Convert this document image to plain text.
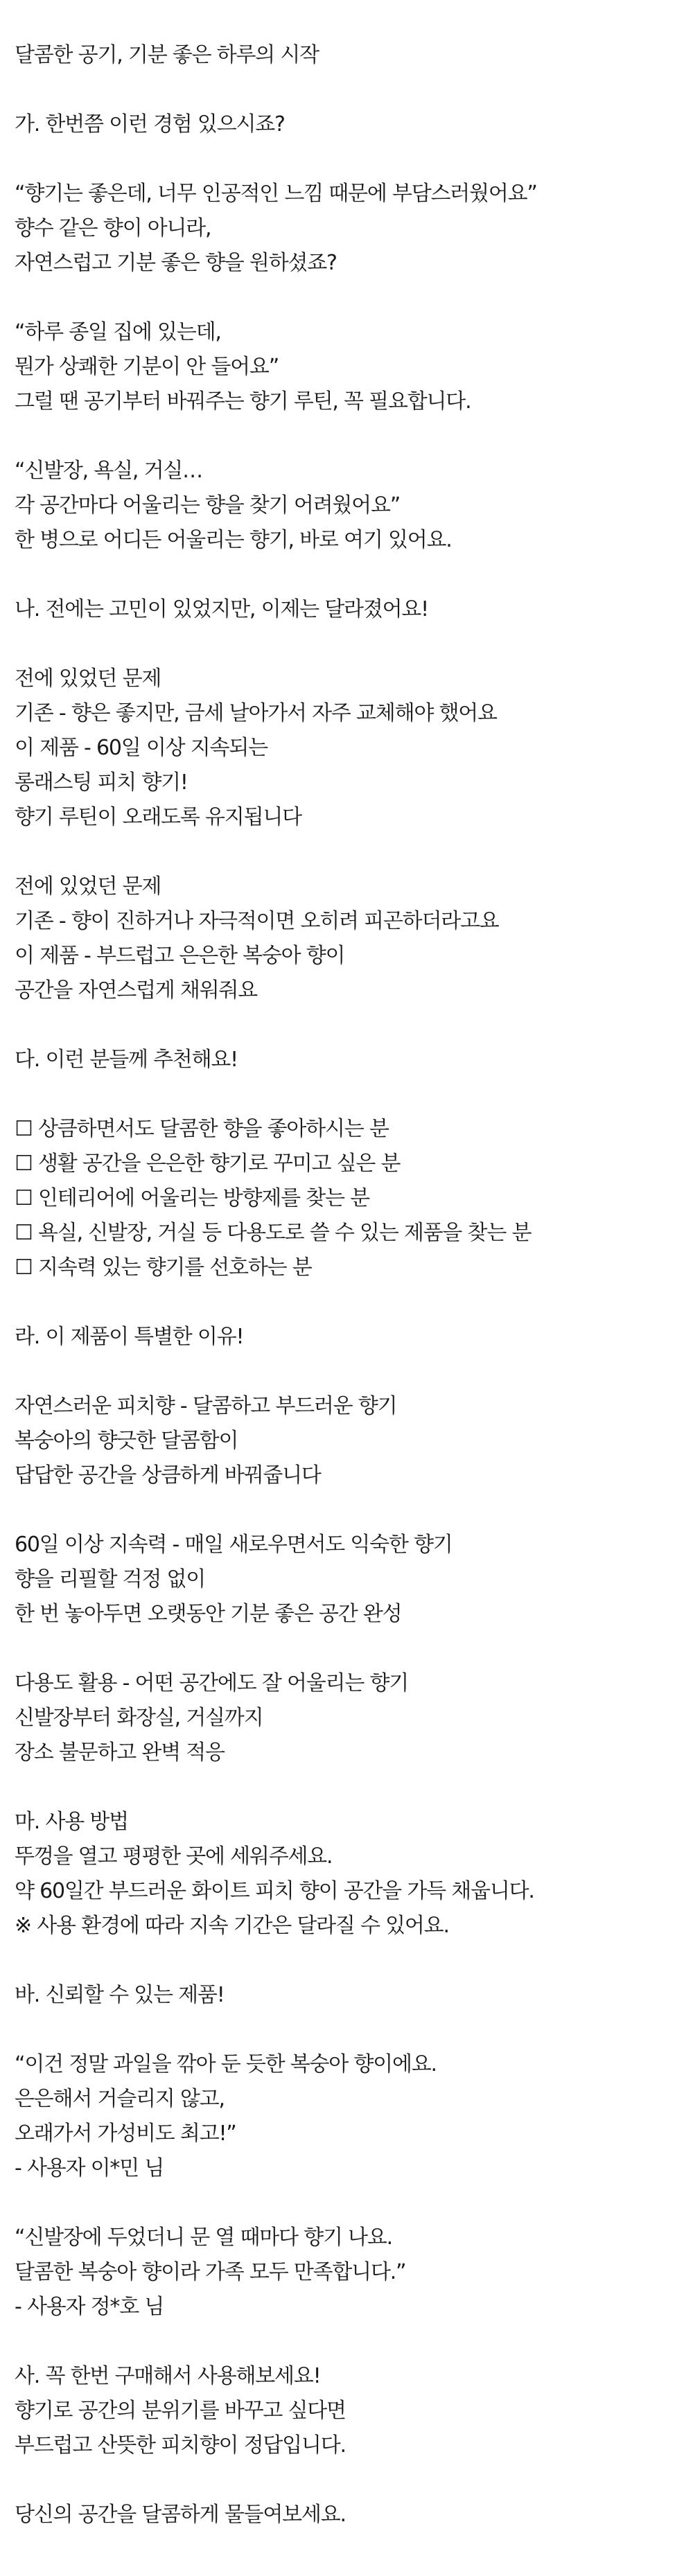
달콤한 공기, 기분 좋은 하루의 시작
가. 한번쯤 이런 경험 있으시죠?
“향기는 좋은데, 너무 인공적인 느낌 때문에 부담스러웠어요”
향수 같은 향이 아니라,
자연스럽고 기분 좋은 향을 원하셨죠?
“하루 종일 집에 있는데,
뭔가 상쾌한 기분이 안 들어요”
그럴 땐 공기부터 바꿔주는 향기 루틴, 꼭 필요합니다.
“신발장, 욕실, 거실…
각 공간마다 어울리는 향을 찾기 어려웠어요”
한 병으로 어디든 어울리는 향기, 바로 여기 있어요.
나. 전에는 고민이 있었지만, 이제는 달라졌어요!
전에 있었던 문제
기존 - 향은 좋지만, 금세 날아가서 자주 교체해야 했어요
이 제품 - 60일 이상 지속되는
롱래스팅 피치 향기!
향기 루틴이 오래도록 유지됩니다
전에 있었던 문제
기존 - 향이 진하거나 자극적이면 오히려 피곤하더라고요
이 제품 - 부드럽고 은은한 복숭아 향이
공간을 자연스럽게 채워줘요
다. 이런 분들께 추천해요!
☐ 상큼하면서도 달콤한 향을 좋아하시는 분
☐ 생활 공간을 은은한 향기로 꾸미고 싶은 분
☐ 인테리어에 어울리는 방향제를 찾는 분
☐ 욕실, 신발장, 거실 등 다용도로 쓸 수 있는 제품을 찾는 분
☐ 지속력 있는 향기를 선호하는 분
라. 이 제품이 특별한 이유!
자연스러운 피치향 - 달콤하고 부드러운 향기
복숭아의 향긋한 달콤함이
답답한 공간을 상큼하게 바꿔줍니다
60일 이상 지속력 - 매일 새로우면서도 익숙한 향기
향을 리필할 걱정 없이
한 번 놓아두면 오랫동안 기분 좋은 공간 완성
다용도 활용 - 어떤 공간에도 잘 어울리는 향기
신발장부터 화장실, 거실까지
장소 불문하고 완벽 적응
마. 사용 방법
뚜껑을 열고 평평한 곳에 세워주세요.
약 60일간 부드러운 화이트 피치 향이 공간을 가득 채웁니다.
※ 사용 환경에 따라 지속 기간은 달라질 수 있어요.
바. 신뢰할 수 있는 제품!
“이건 정말 과일을 깎아 둔 듯한 복숭아 향이에요.
은은해서 거슬리지 않고,
오래가서 가성비도 최고!”
- 사용자 이*민 님
“신발장에 두었더니 문 열 때마다 향기 나요.
달콤한 복숭아 향이라 가족 모두 만족합니다.”
- 사용자 정*호 님
사. 꼭 한번 구매해서 사용해보세요!
향기로 공간의 분위기를 바꾸고 싶다면
부드럽고 산뜻한 피치향이 정답입니다.
당신의 공간을 달콤하게 물들여보세요.
